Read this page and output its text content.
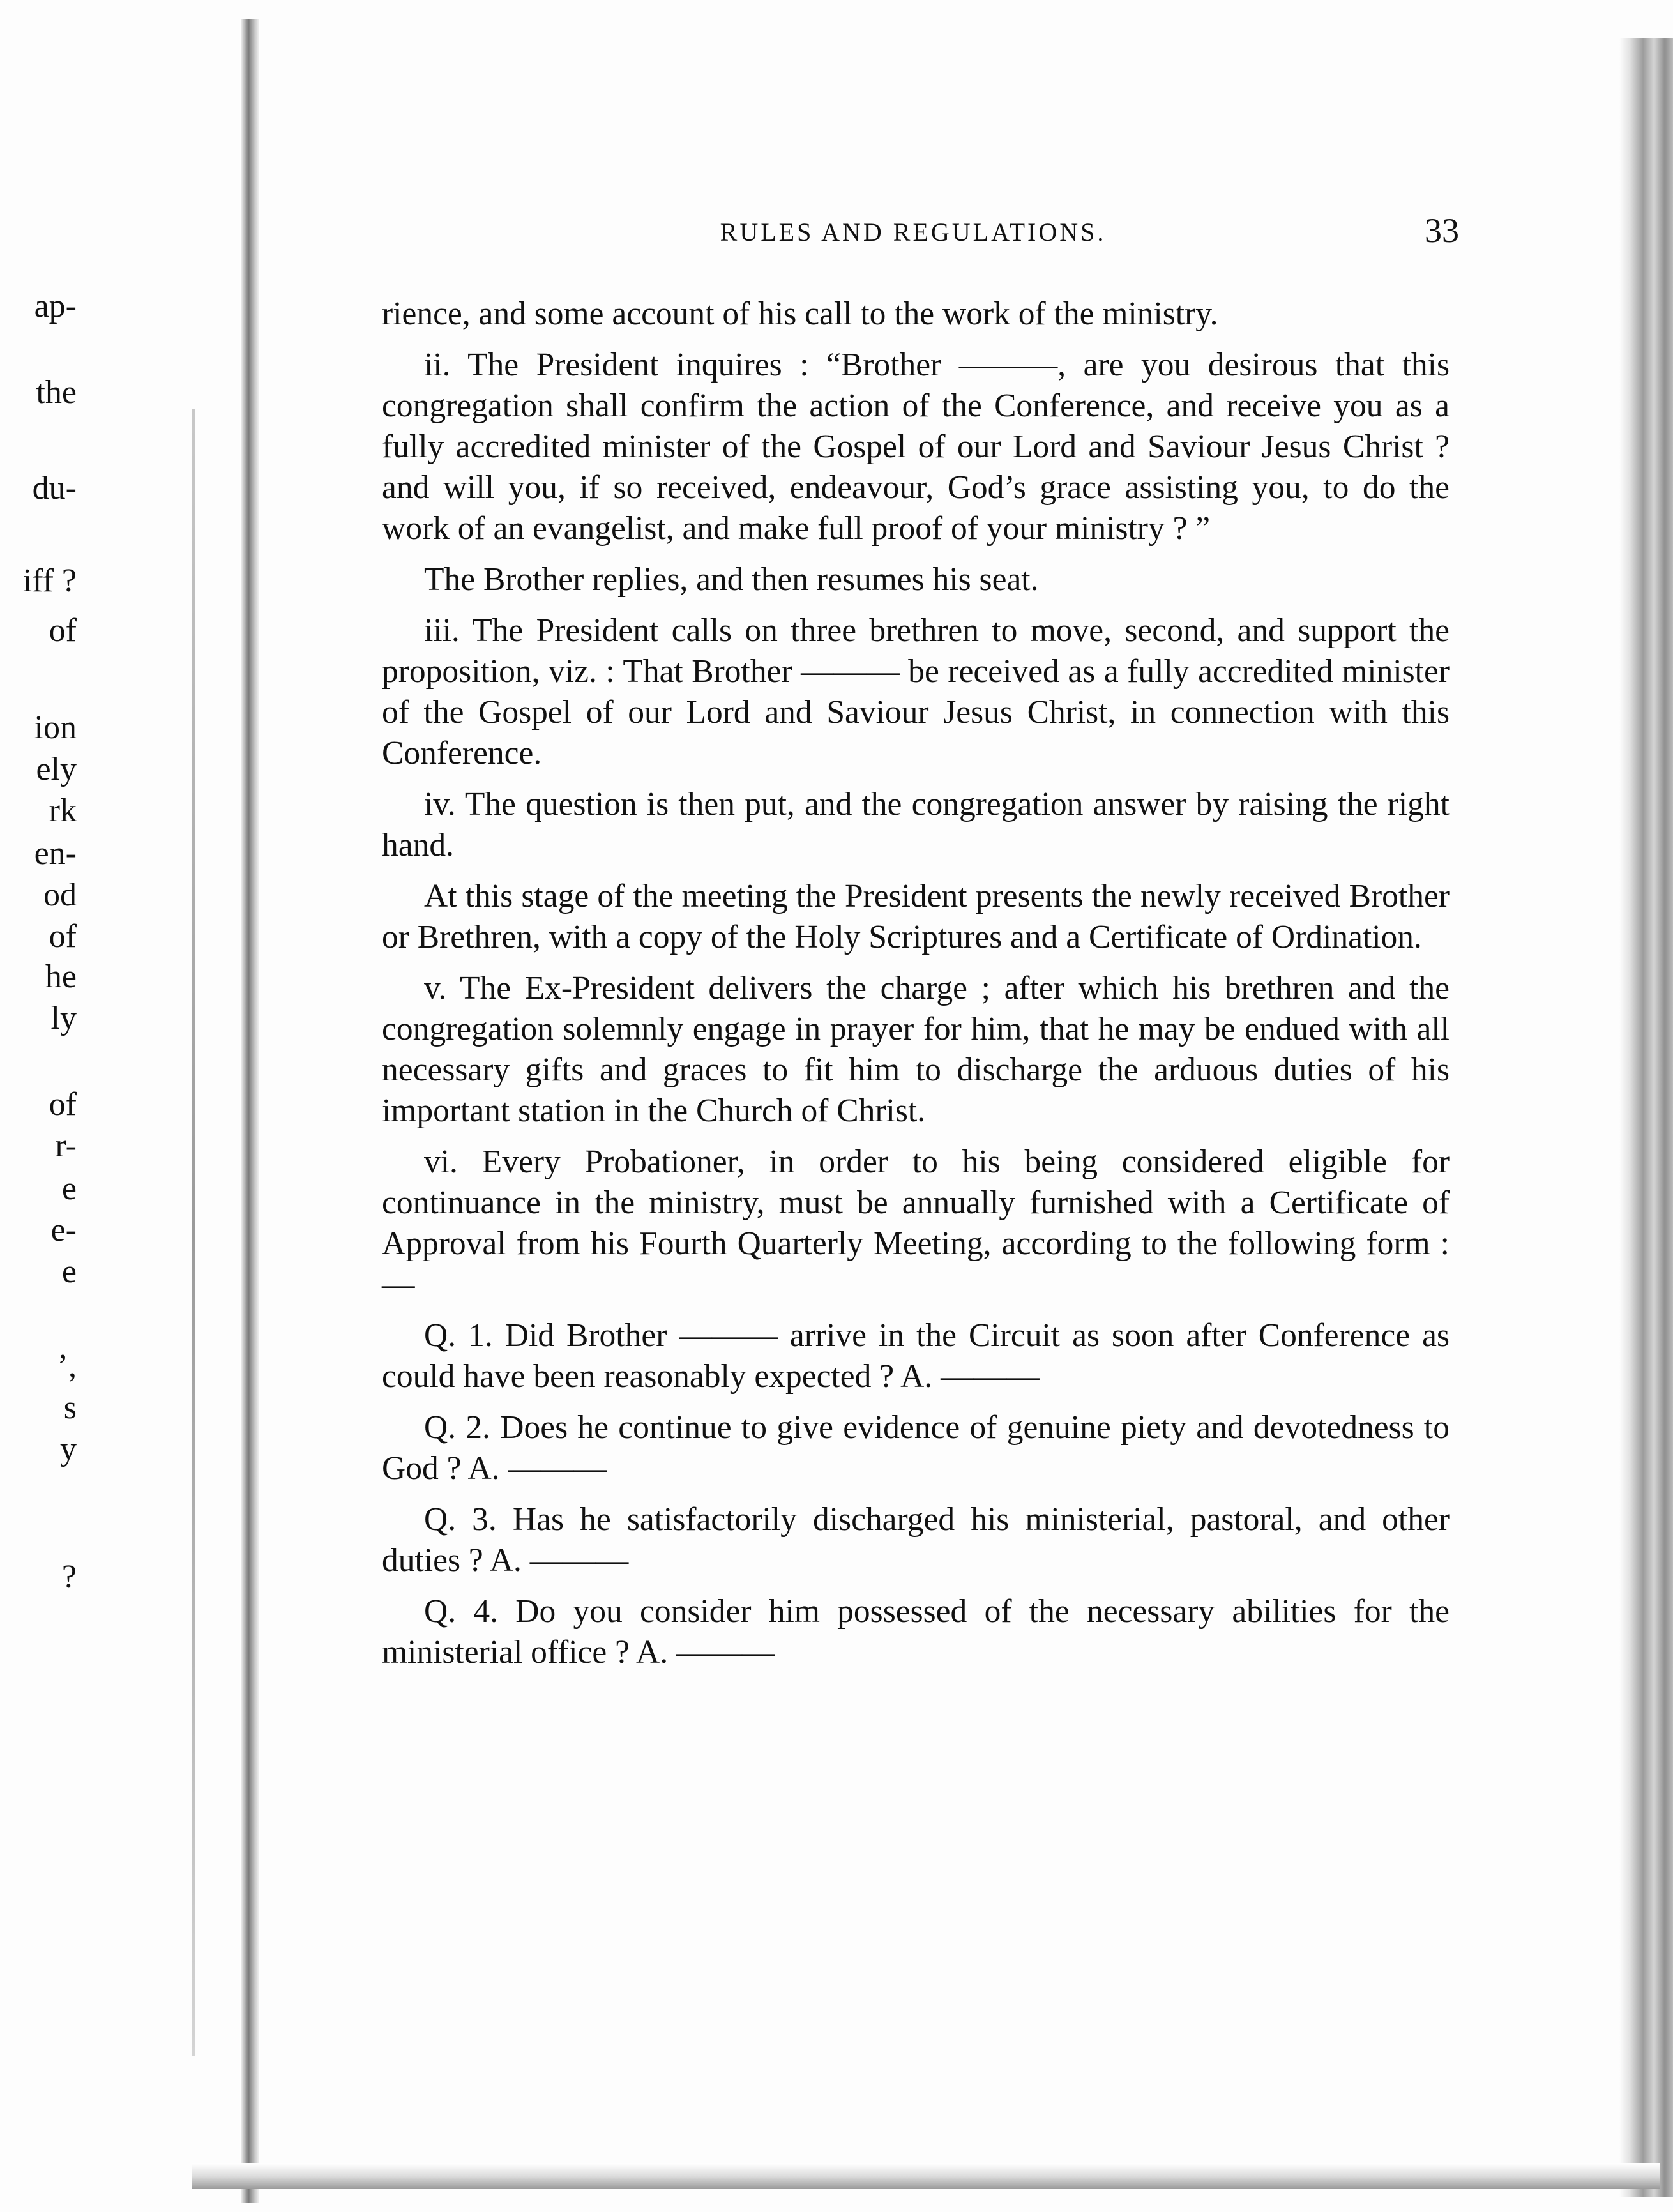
ap-
the
du-
iff ?
of
ion
ely
rk
en-
od
of
he
ly
of
r-
e
e-
e
’,
s
y
?
RULES AND REGULATIONS.	33

rience, and some account of his call to the work of the ministry.

ii. The President inquires : “Brother ———, are you desirous that this congregation shall confirm the action of the Conference, and receive you as a fully accredited minister of the Gospel of our Lord and Saviour Jesus Christ ? and will you, if so received, endeavour, God’s grace assisting you, to do the work of an evangelist, and make full proof of your ministry ? ”

The Brother replies, and then resumes his seat.

iii. The President calls on three brethren to move, second, and support the proposition, viz. : That Brother ——— be received as a fully accredited minister of the Gospel of our Lord and Saviour Jesus Christ, in connection with this Conference.

iv. The question is then put, and the congregation answer by raising the right hand.

At this stage of the meeting the President presents the newly received Brother or Brethren, with a copy of the Holy Scriptures and a Certificate of Ordination.

v. The Ex-President delivers the charge ; after which his brethren and the congregation solemnly engage in prayer for him, that he may be endued with all necessary gifts and graces to fit him to discharge the arduous duties of his important station in the Church of Christ.

vi. Every Probationer, in order to his being considered eligible for continuance in the ministry, must be annually furnished with a Certificate of Approval from his Fourth Quarterly Meeting, according to the following form :—

Q. 1. Did Brother ——— arrive in the Circuit as soon after Conference as could have been reasonably expected ? A. ———

Q. 2. Does he continue to give evidence of genuine piety and devotedness to God ? A. ———

Q. 3. Has he satisfactorily discharged his ministerial, pastoral, and other duties ? A. ———

Q. 4. Do you consider him possessed of the necessary abilities for the ministerial office ? A. ———
